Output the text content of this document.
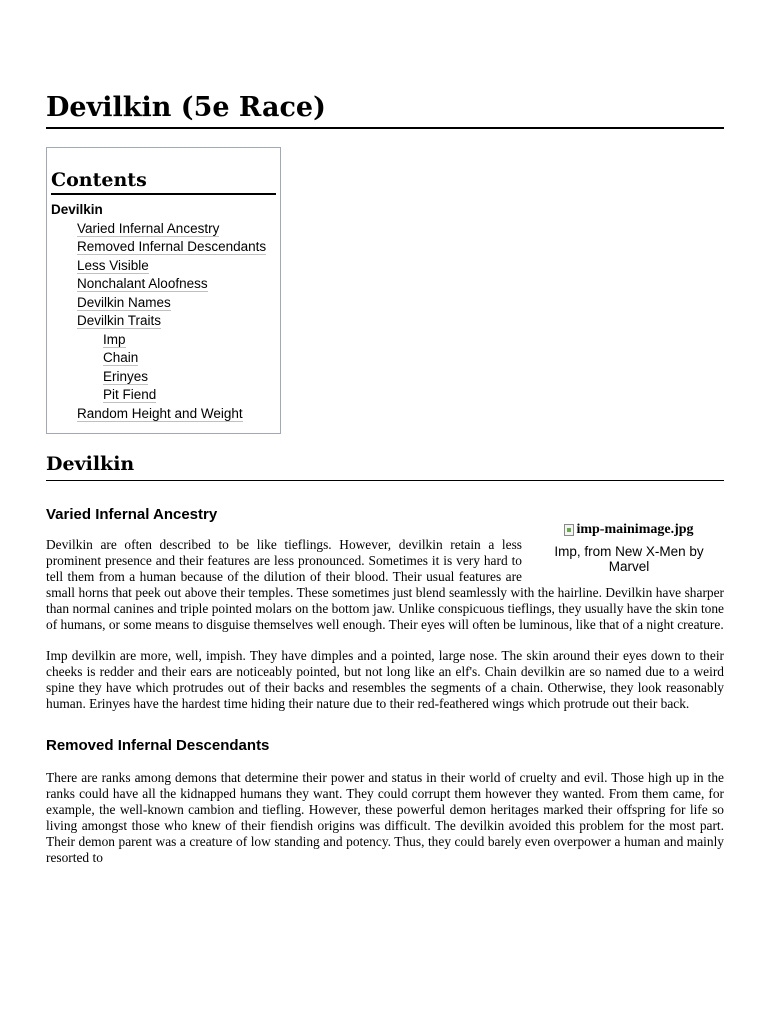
Devilkin (5e Race)
Contents
Devilkin
Varied Infernal Ancestry
Removed Infernal Descendants
Less Visible
Nonchalant Aloofness
Devilkin Names
Devilkin Traits
Imp
Chain
Erinyes
Pit Fiend
Random Height and Weight
Devilkin
Varied Infernal Ancestry
imp-mainimage.jpg
Imp, from New X-Men by Marvel

Devilkin are often described to be like tieflings. However, devilkin retain a less prominent presence and their features are less pronounced. Sometimes it is very hard to tell them from a human because of the dilution of their blood. Their usual features are small horns that peek out above their temples. These sometimes just blend seamlessly with the hairline. Devilkin have sharper than normal canines and triple pointed molars on the bottom jaw. Unlike conspicuous tieflings, they usually have the skin tone of humans, or some means to disguise themselves well enough. Their eyes will often be luminous, like that of a night creature.

Imp devilkin are more, well, impish. They have dimples and a pointed, large nose. The skin around their eyes down to their cheeks is redder and their ears are noticeably pointed, but not long like an elf's. Chain devilkin are so named due to a weird spine they have which protrudes out of their backs and resembles the segments of a chain. Otherwise, they look reasonably human. Erinyes have the hardest time hiding their nature due to their red-feathered wings which protrude out their back.

Removed Infernal Descendants

There are ranks among demons that determine their power and status in their world of cruelty and evil. Those high up in the ranks could have all the kidnapped humans they want. They could corrupt them however they wanted. From them came, for example, the well-known cambion and tiefling. However, these powerful demon heritages marked their offspring for life so living amongst those who knew of their fiendish origins was difficult. The devilkin avoided this problem for the most part. Their demon parent was a creature of low standing and potency. Thus, they could barely even overpower a human and mainly resorted to
